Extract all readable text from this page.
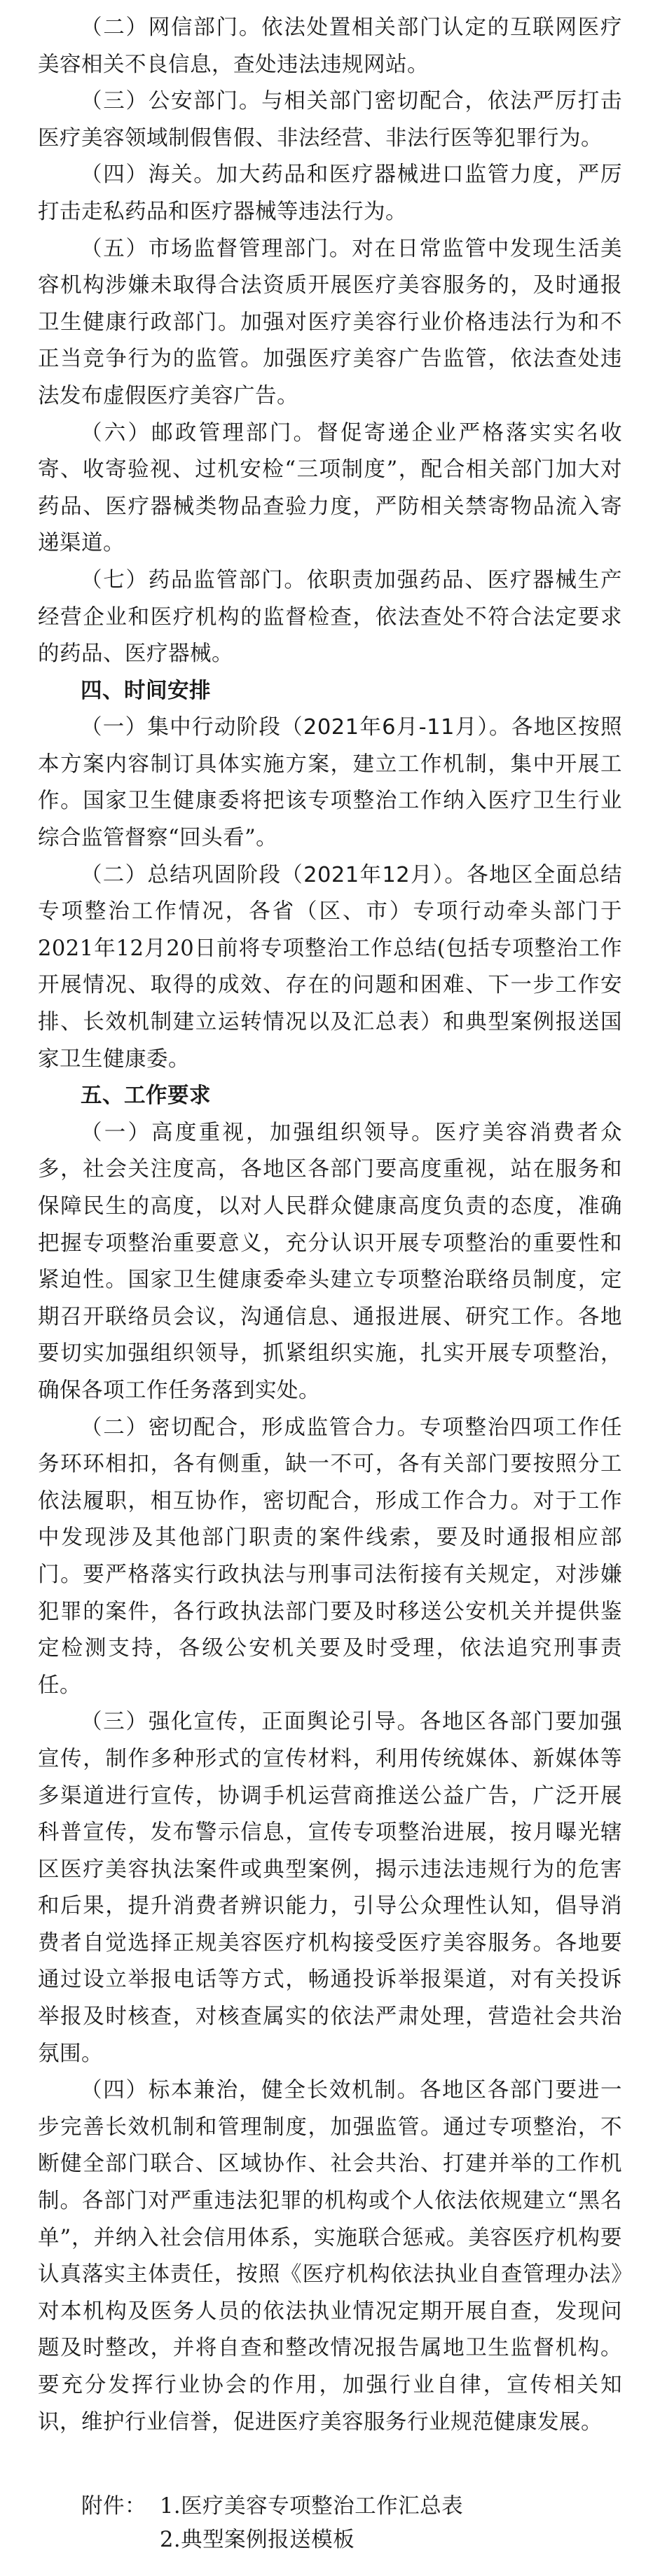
（二）网信部门。依法处置相关部门认定的互联网医疗美容相关不良信息，查处违法违规网站。

（三）公安部门。与相关部门密切配合，依法严厉打击医疗美容领域制假售假、非法经营、非法行医等犯罪行为。

（四）海关。加大药品和医疗器械进口监管力度，严厉打击走私药品和医疗器械等违法行为。

（五）市场监督管理部门。对在日常监管中发现生活美容机构涉嫌未取得合法资质开展医疗美容服务的，及时通报卫生健康行政部门。加强对医疗美容行业价格违法行为和不正当竞争行为的监管。加强医疗美容广告监管，依法查处违法发布虚假医疗美容广告。

（六）邮政管理部门。督促寄递企业严格落实实名收寄、收寄验视、过机安检“三项制度”，配合相关部门加大对药品、医疗器械类物品查验力度，严防相关禁寄物品流入寄递渠道。

（七）药品监管部门。依职责加强药品、医疗器械生产经营企业和医疗机构的监督检查，依法查处不符合法定要求的药品、医疗器械。

四、时间安排

（一）集中行动阶段（2021年6月-11月）。各地区按照本方案内容制订具体实施方案，建立工作机制，集中开展工作。国家卫生健康委将把该专项整治工作纳入医疗卫生行业综合监管督察“回头看”。

（二）总结巩固阶段（2021年12月）。各地区全面总结专项整治工作情况，各省（区、市）专项行动牵头部门于2021年12月20日前将专项整治工作总结(包括专项整治工作开展情况、取得的成效、存在的问题和困难、下一步工作安排、长效机制建立运转情况以及汇总表）和典型案例报送国家卫生健康委。

五、工作要求

（一）高度重视，加强组织领导。医疗美容消费者众多，社会关注度高，各地区各部门要高度重视，站在服务和保障民生的高度，以对人民群众健康高度负责的态度，准确把握专项整治重要意义，充分认识开展专项整治的重要性和紧迫性。国家卫生健康委牵头建立专项整治联络员制度，定期召开联络员会议，沟通信息、通报进展、研究工作。各地要切实加强组织领导，抓紧组织实施，扎实开展专项整治，确保各项工作任务落到实处。

（二）密切配合，形成监管合力。专项整治四项工作任务环环相扣，各有侧重，缺一不可，各有关部门要按照分工依法履职，相互协作，密切配合，形成工作合力。对于工作中发现涉及其他部门职责的案件线索，要及时通报相应部门。要严格落实行政执法与刑事司法衔接有关规定，对涉嫌犯罪的案件，各行政执法部门要及时移送公安机关并提供鉴定检测支持，各级公安机关要及时受理，依法追究刑事责任。

（三）强化宣传，正面舆论引导。各地区各部门要加强宣传，制作多种形式的宣传材料，利用传统媒体、新媒体等多渠道进行宣传，协调手机运营商推送公益广告，广泛开展科普宣传，发布警示信息，宣传专项整治进展，按月曝光辖区医疗美容执法案件或典型案例，揭示违法违规行为的危害和后果，提升消费者辨识能力，引导公众理性认知，倡导消费者自觉选择正规美容医疗机构接受医疗美容服务。各地要通过设立举报电话等方式，畅通投诉举报渠道，对有关投诉举报及时核查，对核查属实的依法严肃处理，营造社会共治氛围。

（四）标本兼治，健全长效机制。各地区各部门要进一步完善长效机制和管理制度，加强监管。通过专项整治，不断健全部门联合、区域协作、社会共治、打建并举的工作机制。各部门对严重违法犯罪的机构或个人依法依规建立“黑名单”，并纳入社会信用体系，实施联合惩戒。美容医疗机构要认真落实主体责任，按照《医疗机构依法执业自查管理办法》对本机构及医务人员的依法执业情况定期开展自查，发现问题及时整改，并将自查和整改情况报告属地卫生监督机构。要充分发挥行业协会的作用，加强行业自律，宣传相关知识，维护行业信誉，促进医疗美容服务行业规范健康发展。

附件： 1.医疗美容专项整治工作汇总表
2.典型案例报送模板
